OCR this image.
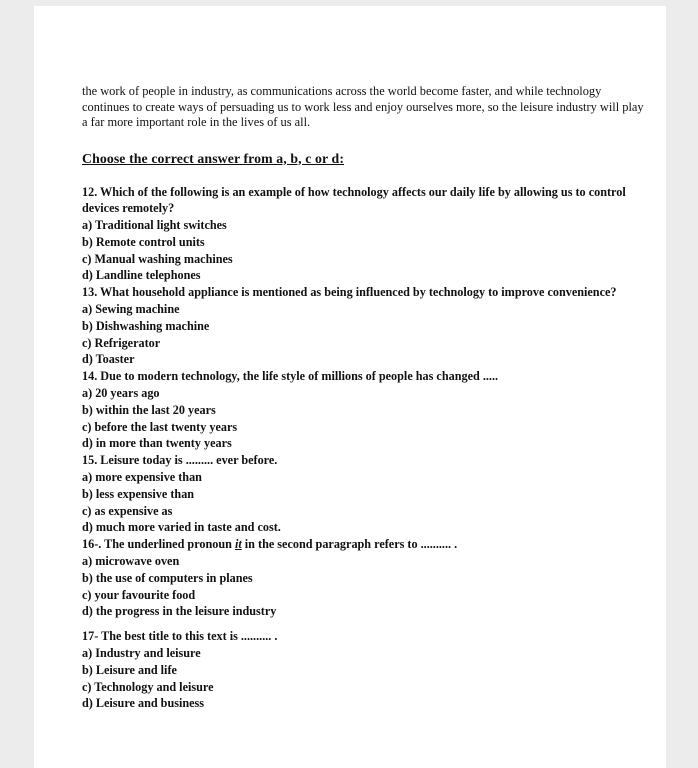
the work of people in industry, as communications across the world become faster, and while technology continues to create ways of persuading us to work less and enjoy ourselves more, so the leisure industry will play a far more important role in the lives of us all.

Choose the correct answer from a, b, c or d:

12. Which of the following is an example of how technology affects our daily life by allowing us to control devices remotely?

a) Traditional light switches

b) Remote control units

c) Manual washing machines

d) Landline telephones

13. What household appliance is mentioned as being influenced by technology to improve convenience?

a) Sewing machine

b) Dishwashing machine

c) Refrigerator

d) Toaster

14. Due to modern technology, the life style of millions of people has changed .....

a) 20 years ago

b) within the last 20 years

c) before the last twenty years

d) in more than twenty years

15. Leisure today is ......... ever before.

a) more expensive than

b) less expensive than

c) as expensive as

d) much more varied in taste and cost.

16-. The underlined pronoun it in the second paragraph refers to .......... .

a) microwave oven

b) the use of computers in planes

c) your favourite food

d) the progress in the leisure industry

17- The best title to this text is .......... .

a) Industry and leisure

b) Leisure and life

c) Technology and leisure

d) Leisure and business
